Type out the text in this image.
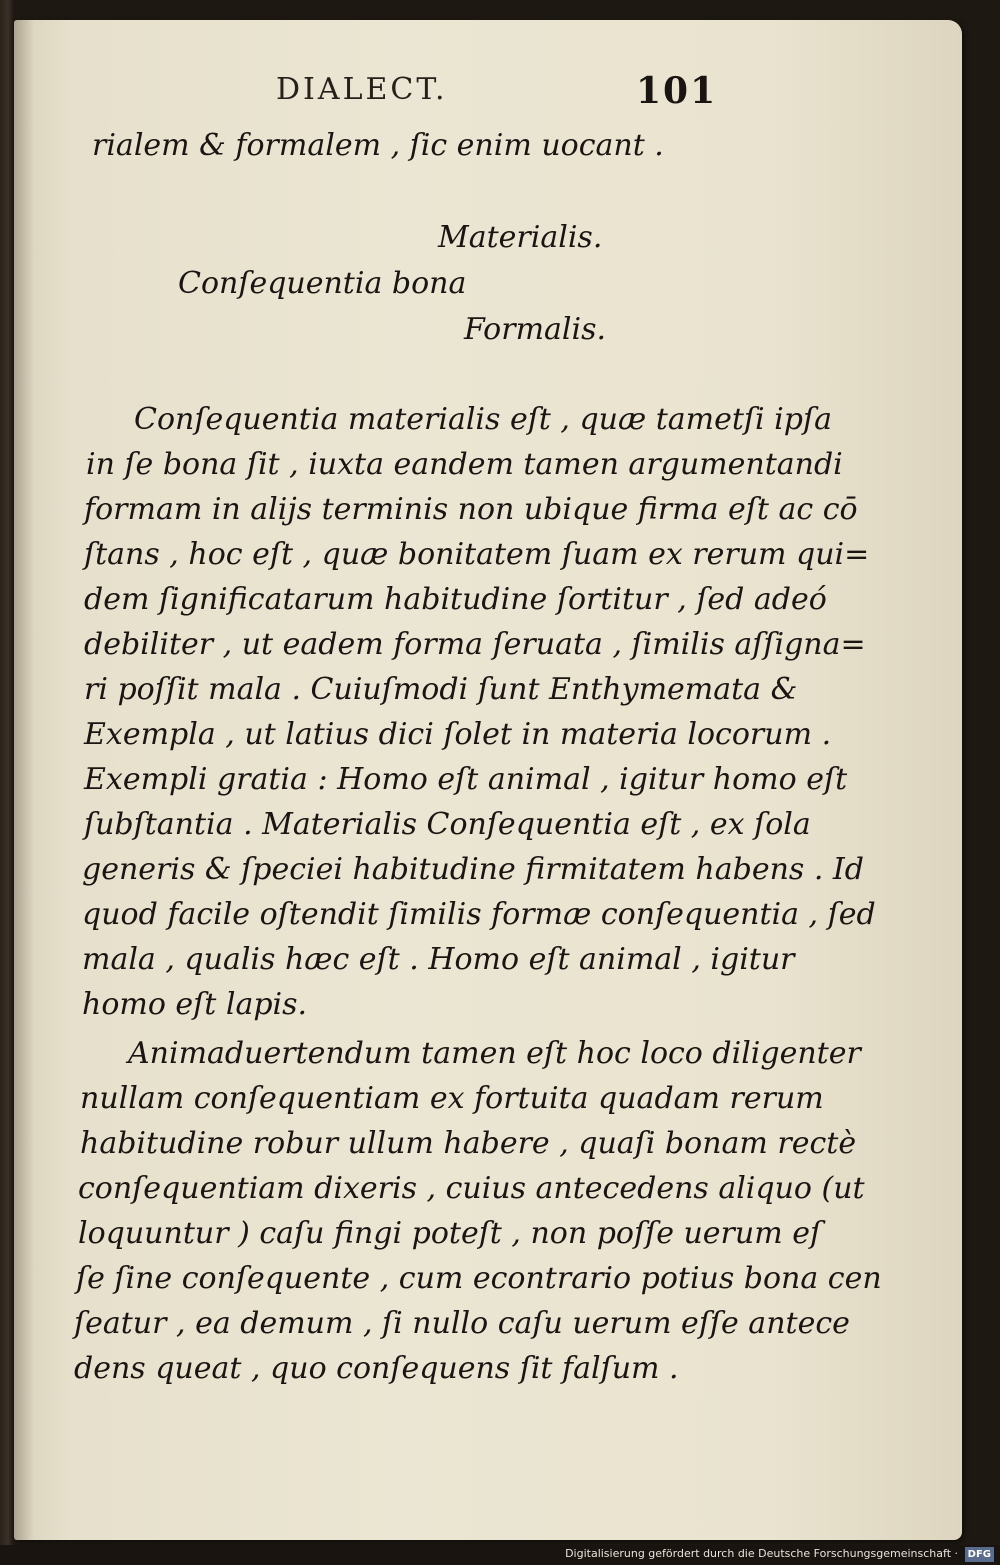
DIALECT.	101
rialem & formalem , ſic enim uocant .
Materialis.
Conſequentia bona
Formalis.
Conſequentia materialis eſt , quæ tametſi ipſa
in ſe bona ſit , iuxta eandem tamen argumentandi
formam in alijs terminis non ubique firma eſt ac cō
ſtans , hoc eſt , quæ bonitatem ſuam ex rerum qui=
dem ſignificatarum habitudine ſortitur , ſed adeó
debiliter , ut eadem forma ſeruata , ſimilis aſſigna=
ri poſſit mala . Cuiuſmodi ſunt Enthymemata &
Exempla , ut latius dici ſolet in materia locorum .
Exempli gratia : Homo eſt animal , igitur homo eſt
ſubſtantia . Materialis Conſequentia eſt , ex ſola
generis & ſpeciei habitudine firmitatem habens . Id
quod facile oſtendit ſimilis formæ conſequentia , ſed
mala , qualis hæc eſt . Homo eſt animal , igitur
homo eſt lapis.
Animaduertendum tamen eſt hoc loco diligenter
nullam conſequentiam ex fortuita quadam rerum
habitudine robur ullum habere , quaſi bonam rectè
conſequentiam dixeris , cuius antecedens aliquo (ut
loquuntur ) caſu fingi poteſt , non poſſe uerum eſ
ſe ſine conſequente , cum econtrario potius bona cen
ſeatur , ea demum , ſi nullo caſu uerum eſſe antece
dens queat , quo conſequens ſit falſum .
Digitalisierung gefördert durch die Deutsche Forschungsgemeinschaft · DFG
